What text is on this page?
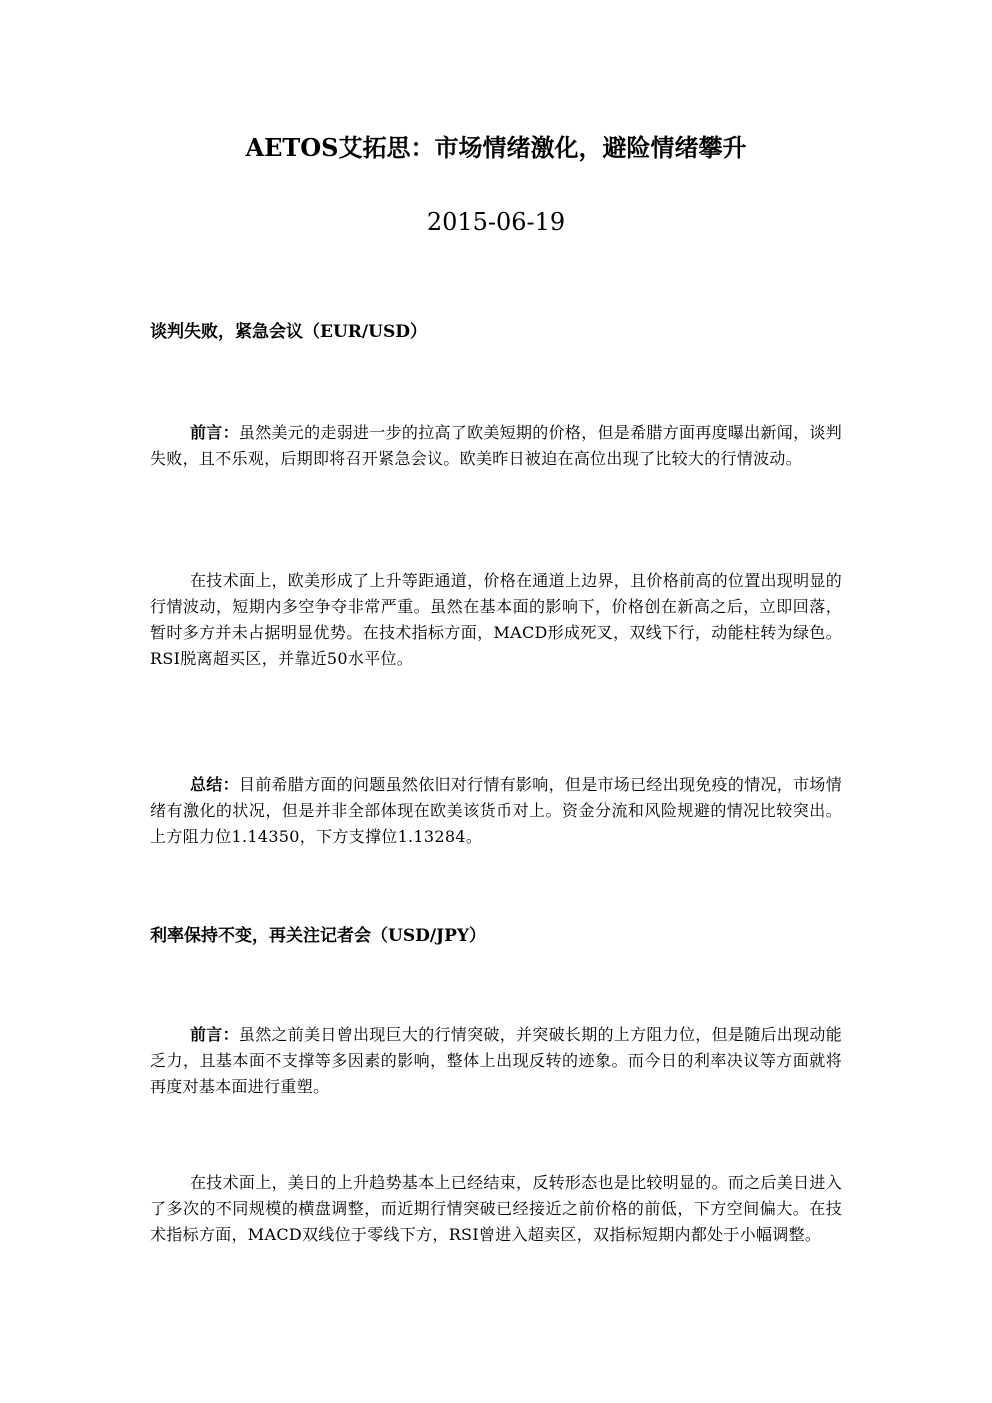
AETOS艾拓思：市场情绪激化，避险情绪攀升
2015-06-19
谈判失败，紧急会议（EUR/USD）

前言：虽然美元的走弱进一步的拉高了欧美短期的价格，但是希腊方面再度曝出新闻，谈判失败，且不乐观，后期即将召开紧急会议。欧美昨日被迫在高位出现了比较大的行情波动。

在技术面上，欧美形成了上升等距通道，价格在通道上边界，且价格前高的位置出现明显的行情波动，短期内多空争夺非常严重。虽然在基本面的影响下，价格创在新高之后，立即回落，暂时多方并未占据明显优势。在技术指标方面，MACD形成死叉，双线下行，动能柱转为绿色。RSI脱离超买区，并靠近50水平位。

总结：目前希腊方面的问题虽然依旧对行情有影响，但是市场已经出现免疫的情况，市场情绪有激化的状况，但是并非全部体现在欧美该货币对上。资金分流和风险规避的情况比较突出。上方阻力位1.14350，下方支撑位1.13284。

利率保持不变，再关注记者会（USD/JPY）

前言：虽然之前美日曾出现巨大的行情突破，并突破长期的上方阻力位，但是随后出现动能乏力，且基本面不支撑等多因素的影响，整体上出现反转的迹象。而今日的利率决议等方面就将再度对基本面进行重塑。

在技术面上，美日的上升趋势基本上已经结束，反转形态也是比较明显的。而之后美日进入了多次的不同规模的横盘调整，而近期行情突破已经接近之前价格的前低，下方空间偏大。在技术指标方面，MACD双线位于零线下方，RSI曾进入超卖区，双指标短期内都处于小幅调整。
